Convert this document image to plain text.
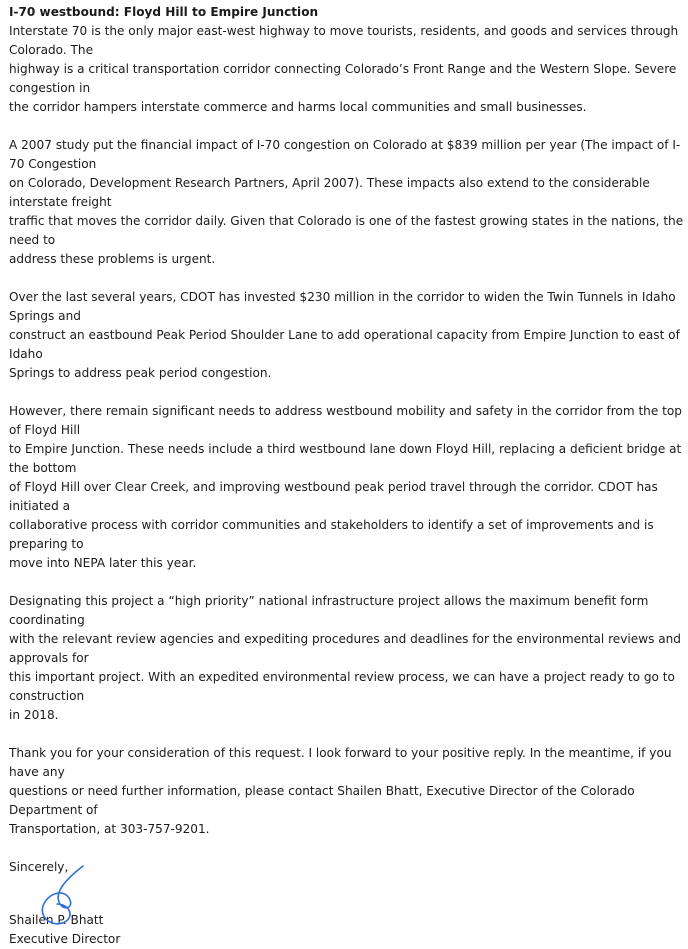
I-70 westbound: Floyd Hill to Empire Junction

Interstate 70 is the only major east-west highway to move tourists, residents, and goods and services through Colorado. The

highway is a critical transportation corridor connecting Colorado’s Front Range and the Western Slope. Severe congestion in

the corridor hampers interstate commerce and harms local communities and small businesses.

A 2007 study put the financial impact of I-70 congestion on Colorado at $839 million per year (The impact of I-70 Congestion

on Colorado, Development Research Partners, April 2007). These impacts also extend to the considerable interstate freight

traffic that moves the corridor daily. Given that Colorado is one of the fastest growing states in the nations, the need to

address these problems is urgent.

Over the last several years, CDOT has invested $230 million in the corridor to widen the Twin Tunnels in Idaho Springs and

construct an eastbound Peak Period Shoulder Lane to add operational capacity from Empire Junction to east of Idaho

Springs to address peak period congestion.

However, there remain significant needs to address westbound mobility and safety in the corridor from the top of Floyd Hill

to Empire Junction. These needs include a third westbound lane down Floyd Hill, replacing a deficient bridge at the bottom

of Floyd Hill over Clear Creek, and improving westbound peak period travel through the corridor. CDOT has initiated a

collaborative process with corridor communities and stakeholders to identify a set of improvements and is preparing to

move into NEPA later this year.

Designating this project a “high priority” national infrastructure project allows the maximum benefit form coordinating

with the relevant review agencies and expediting procedures and deadlines for the environmental reviews and approvals for

this important project. With an expedited environmental review process, we can have a project ready to go to construction

in 2018.

Thank you for your consideration of this request. I look forward to your positive reply. In the meantime, if you have any

questions or need further information, please contact Shailen Bhatt, Executive Director of the Colorado Department of

Transportation, at 303-757-9201.

Sincerely,

Shailen P. Bhatt

Executive Director
